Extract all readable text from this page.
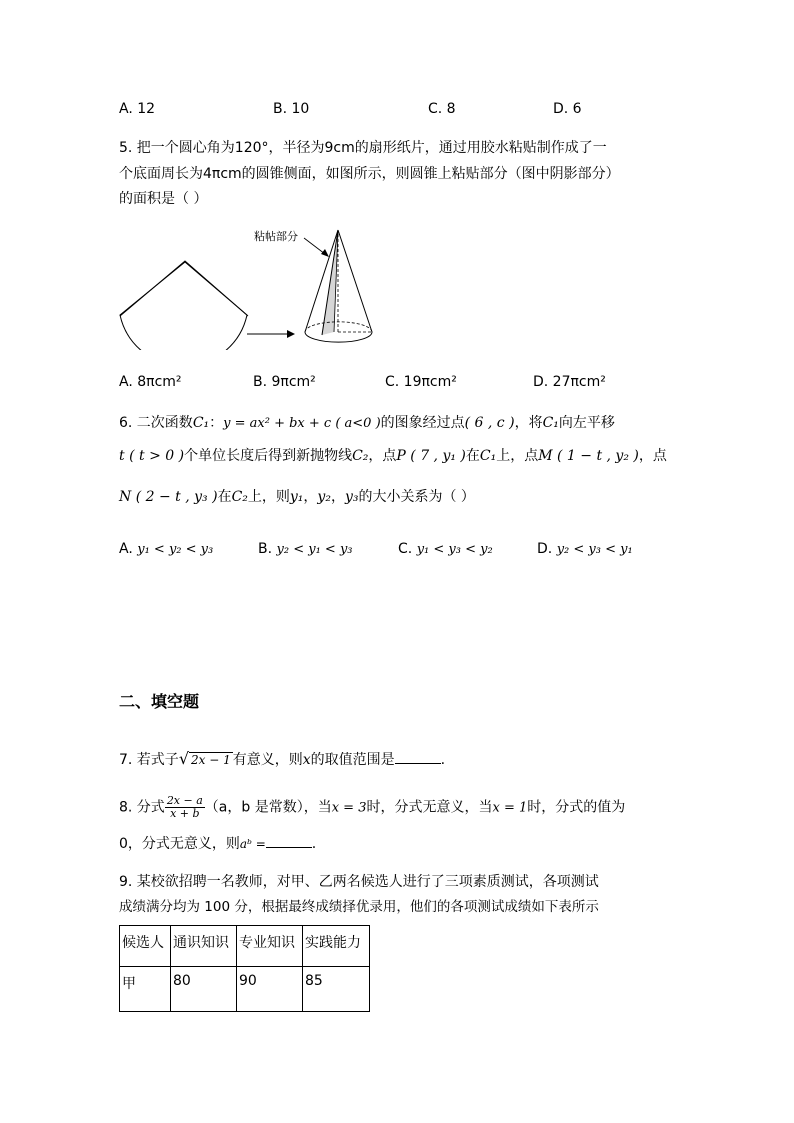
A. 12	B. 10	C. 8	D. 6
5. 把一个圆心角为120°，半径为9cm的扇形纸片，通过用胶水粘贴制作成了一
个底面周长为4πcm的圆锥侧面，如图所示，则圆锥上粘贴部分（图中阴影部分）
的面积是（ ）
粘帖部分
A. 8πcm²	B. 9πcm²	C. 19πcm²	D. 27πcm²
6. 二次函数C₁：y = ax² + bx + c ( a<0 )的图象经过点( 6 , c )，将C₁向左平移
t ( t > 0 )个单位长度后得到新抛物线C₂，点P ( 7 , y₁ )在C₁上，点M ( 1 − t , y₂ )，点
N ( 2 − t , y₃ )在C₂上，则y₁，y₂，y₃的大小关系为（ ）
A. y₁ < y₂ < y₃	B. y₂ < y₁ < y₃	C. y₁ < y₃ < y₂	D. y₂ < y₃ < y₁
二、填空题
7. 若式子√ 2x − 1 有意义，则x的取值范围是	.
8. 分式 $\frac{2x - a}{x + b} (a$，b 是常数），当x = 3时，分式无意义，当x = 1时，分式的值为
0，分式无意义，则aᵇ =	.
9. 某校欲招聘一名教师，对甲、乙两名候选人进行了三项素质测试，各项测试
成绩满分均为 100 分，根据最终成绩择优录用，他们的各项测试成绩如下表所示
候选人	通识知识	专业知识	实践能力
甲	80	90	85
